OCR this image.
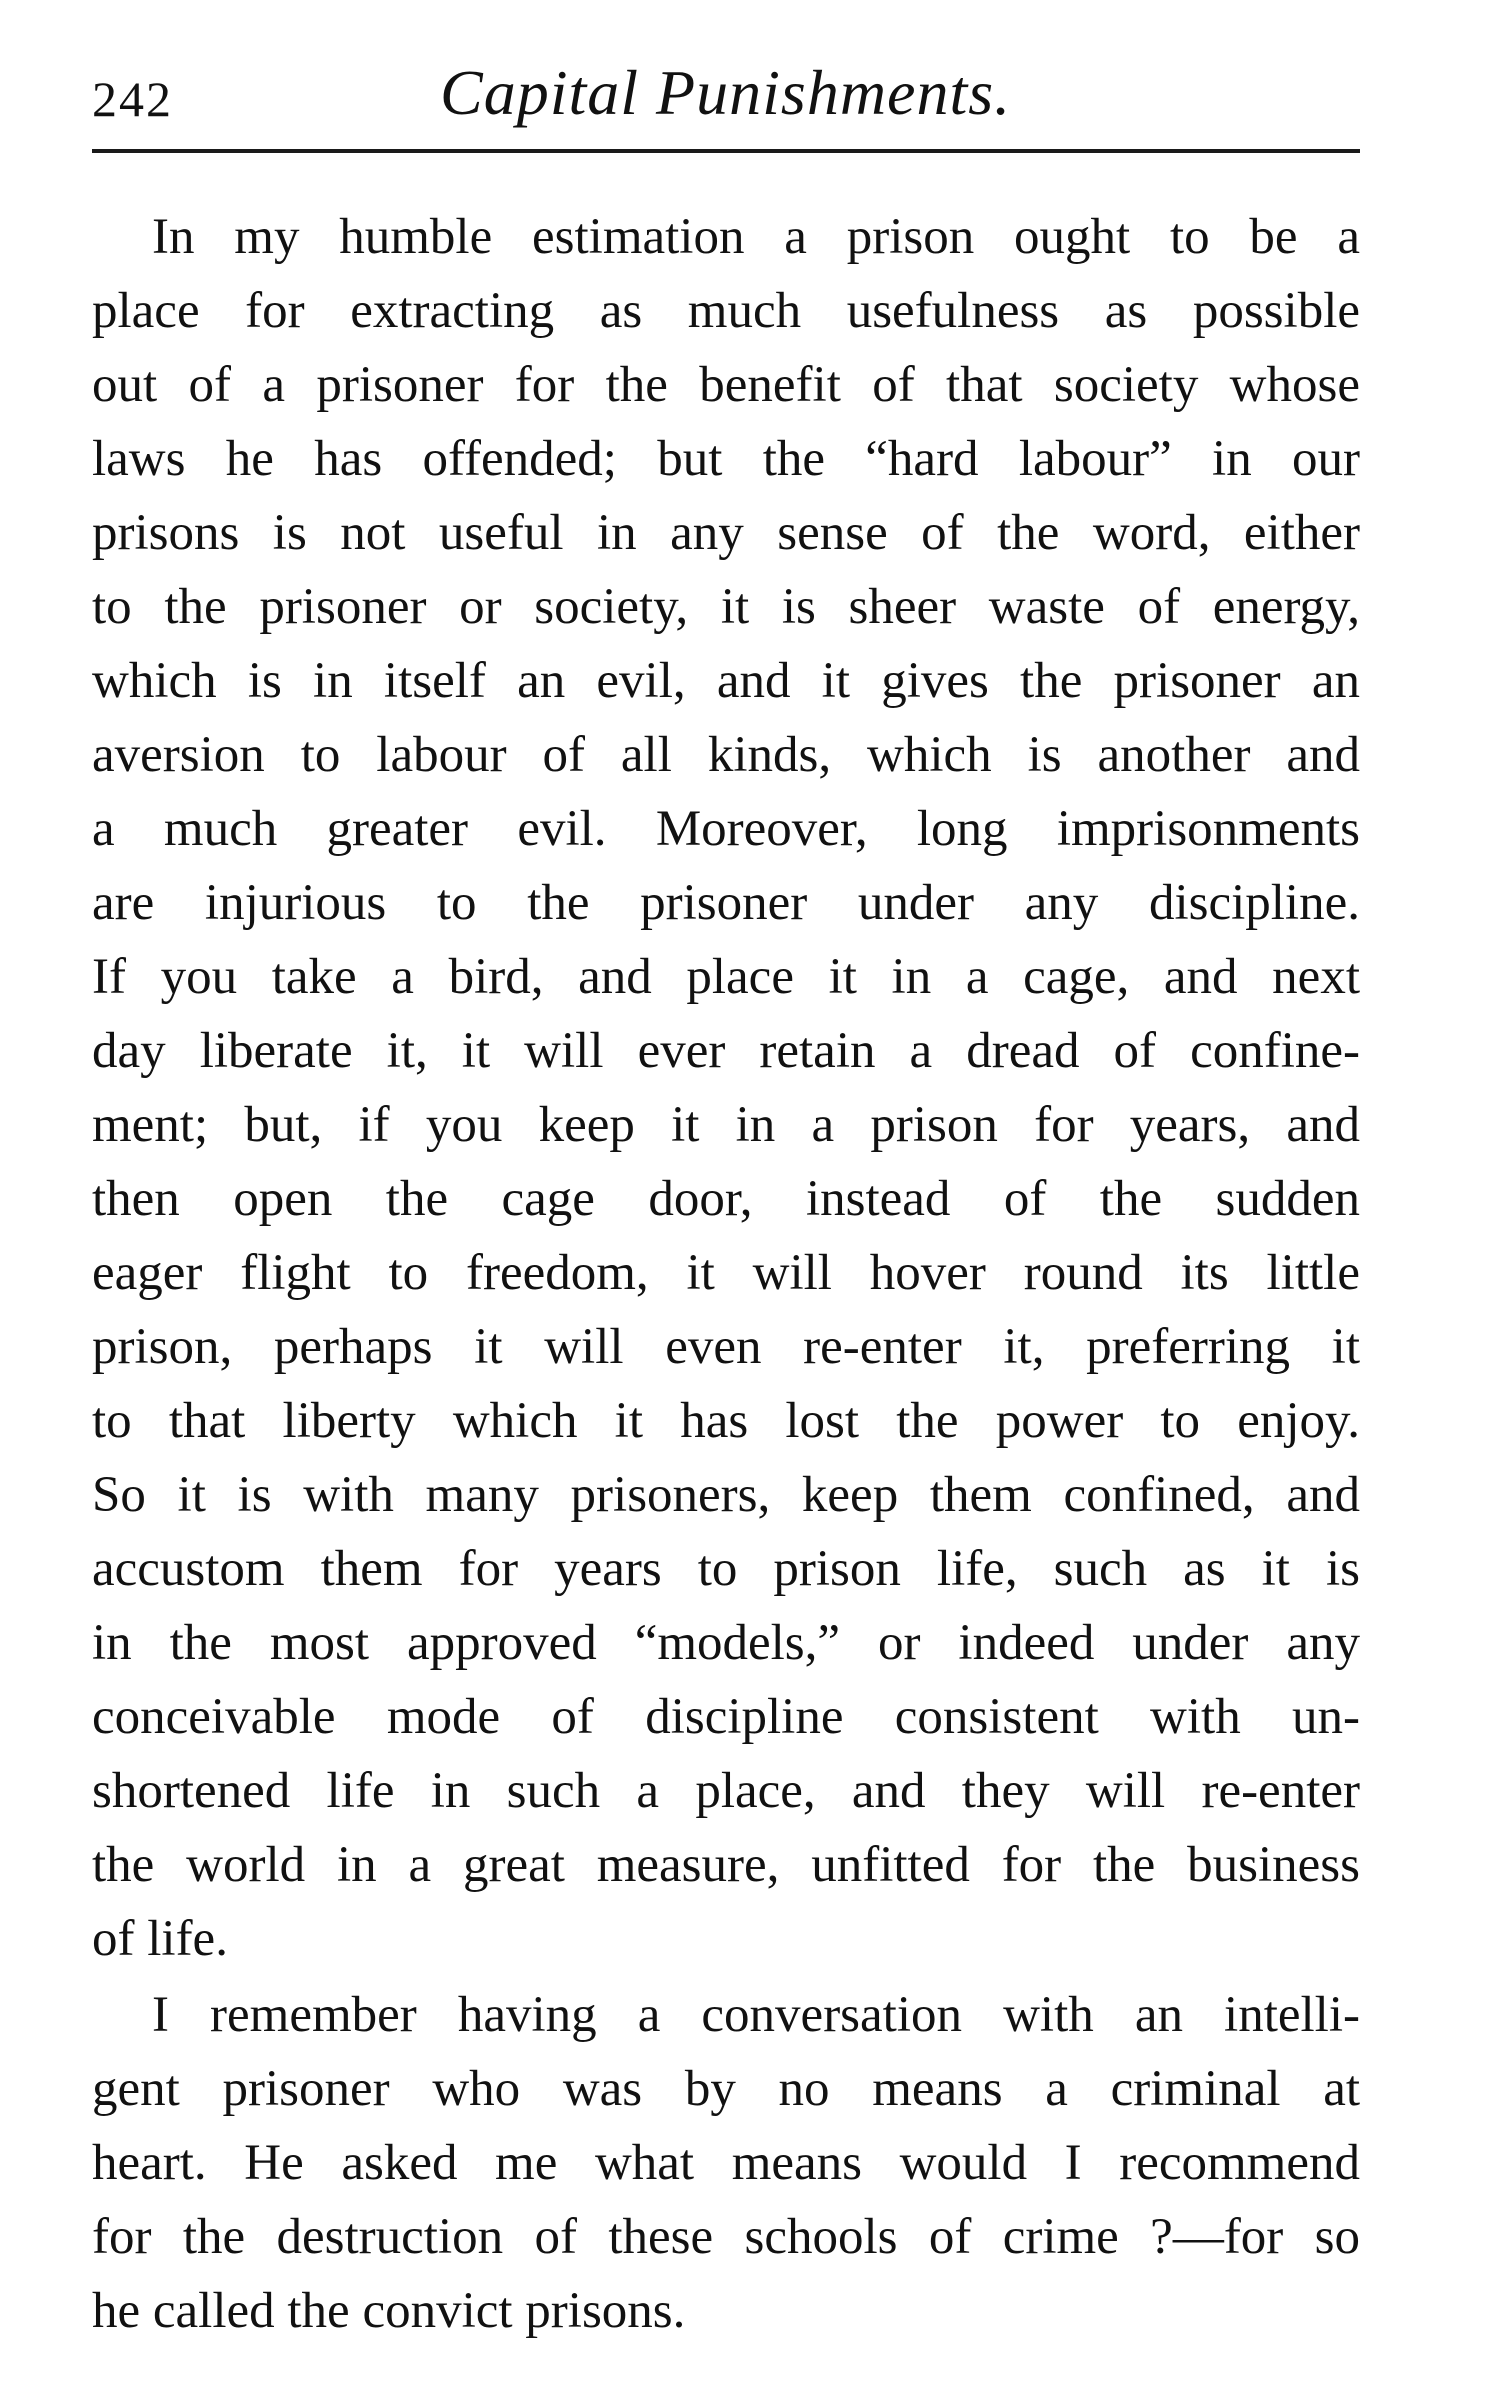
242	Capital Punishments.
In my humble estimation a prison ought to be a
place for extracting as much usefulness as possible
out of a prisoner for the benefit of that society whose
laws he has offended; but the “hard labour” in our
prisons is not useful in any sense of the word, either
to the prisoner or society, it is sheer waste of energy,
which is in itself an evil, and it gives the prisoner an
aversion to labour of all kinds, which is another and
a much greater evil. Moreover, long imprisonments
are injurious to the prisoner under any discipline.
If you take a bird, and place it in a cage, and next
day liberate it, it will ever retain a dread of confine-
ment; but, if you keep it in a prison for years, and
then open the cage door, instead of the sudden
eager flight to freedom, it will hover round its little
prison, perhaps it will even re-enter it, preferring it
to that liberty which it has lost the power to enjoy.
So it is with many prisoners, keep them confined, and
accustom them for years to prison life, such as it is
in the most approved “models,” or indeed under any
conceivable mode of discipline consistent with un-
shortened life in such a place, and they will re-enter
the world in a great measure, unfitted for the business
of life.
I remember having a conversation with an intelli-
gent prisoner who was by no means a criminal at
heart. He asked me what means would I recommend
for the destruction of these schools of crime ?—for so
he called the convict prisons.
